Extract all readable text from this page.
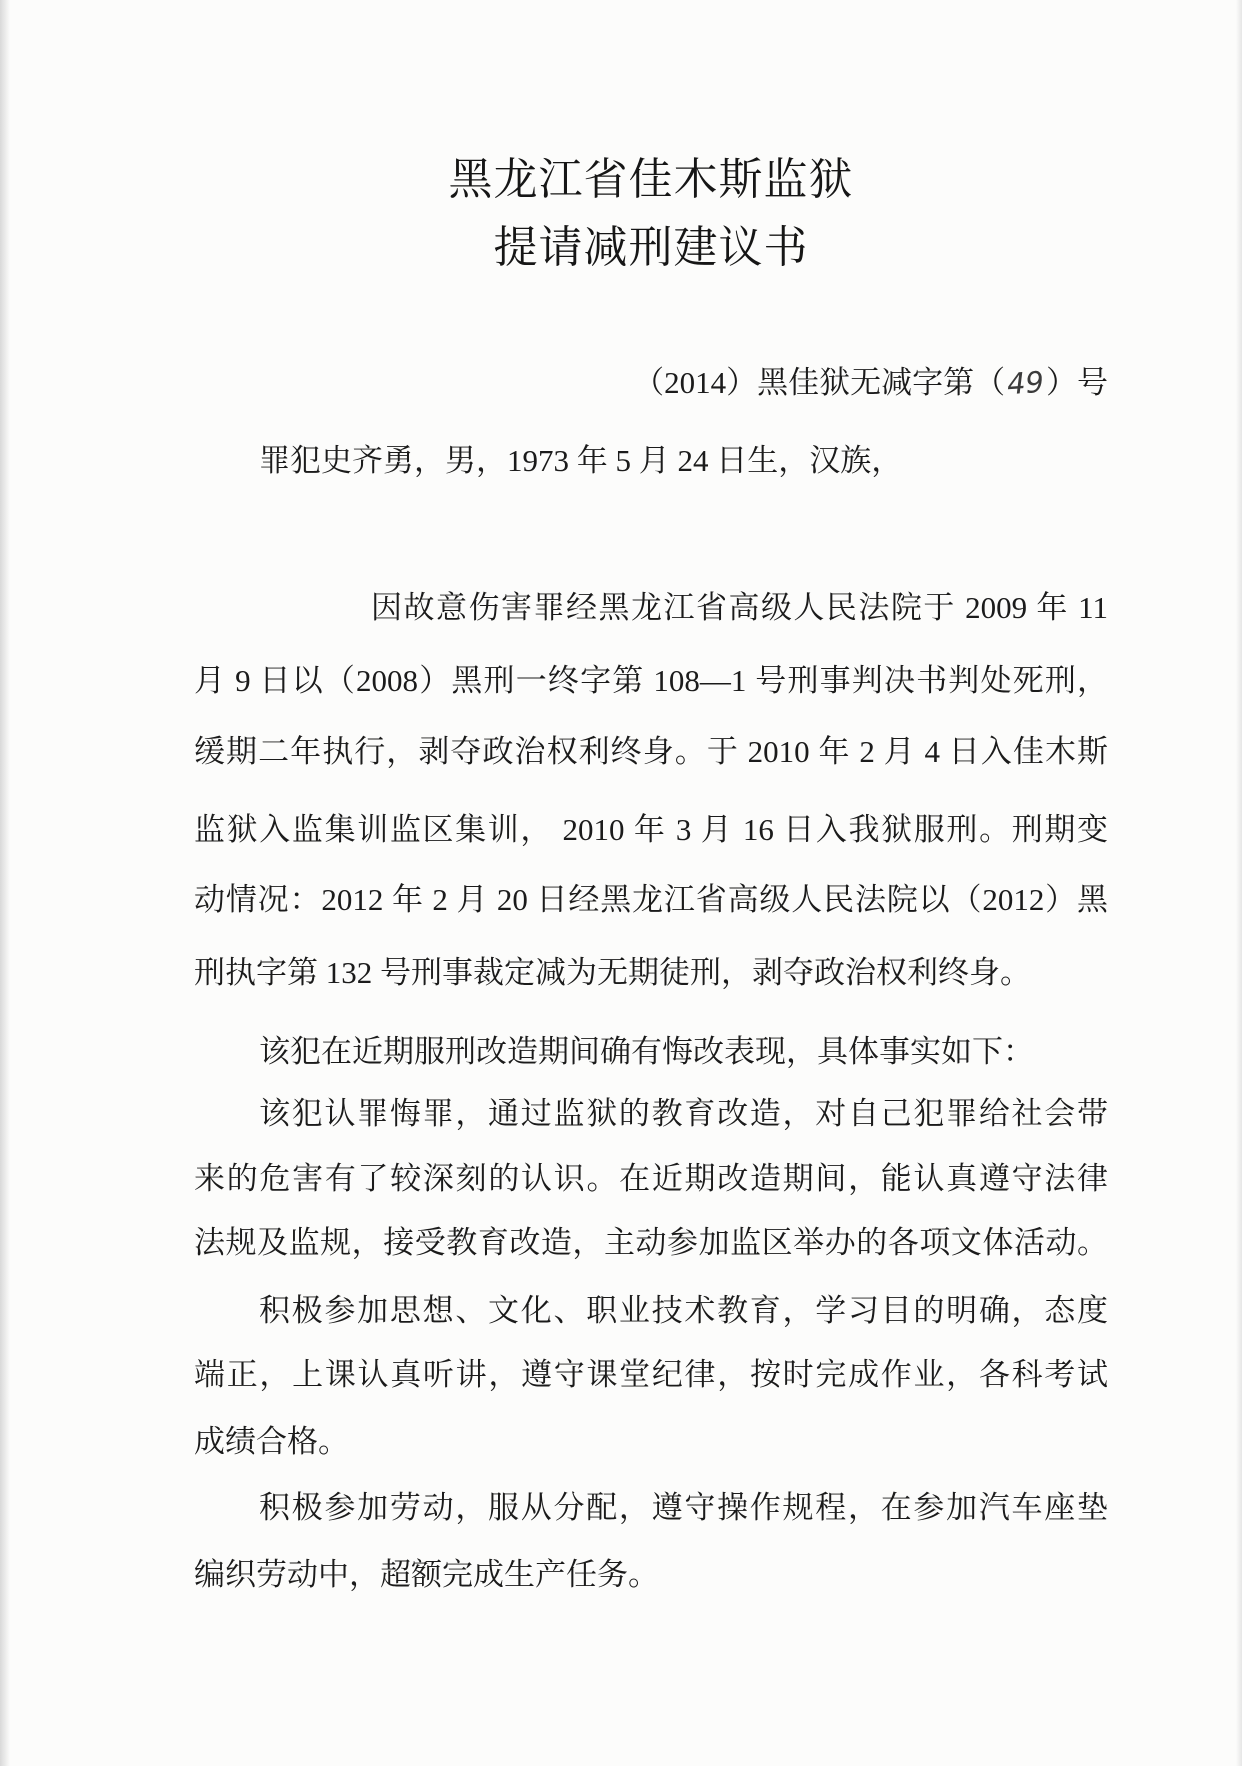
黑龙江省佳木斯监狱
提请减刑建议书
（2014）黑佳狱无减字第（49）号
罪犯史齐勇，男，1973 年 5 月 24 日生，汉族，
因故意伤害罪经黑龙江省高级人民法院于 2009 年 11
月 9 日以（2008）黑刑一终字第 108—1 号刑事判决书判处死刑，
缓期二年执行，剥夺政治权利终身。于 2010 年 2 月 4 日入佳木斯
监狱入监集训监区集训， 2010 年 3 月 16 日入我狱服刑。刑期变
动情况：2012 年 2 月 20 日经黑龙江省高级人民法院以（2012）黑
刑执字第 132 号刑事裁定减为无期徒刑，剥夺政治权利终身。
该犯在近期服刑改造期间确有悔改表现，具体事实如下：
该犯认罪悔罪，通过监狱的教育改造，对自己犯罪给社会带
来的危害有了较深刻的认识。在近期改造期间，能认真遵守法律
法规及监规，接受教育改造，主动参加监区举办的各项文体活动。
积极参加思想、文化、职业技术教育，学习目的明确，态度
端正，上课认真听讲，遵守课堂纪律，按时完成作业，各科考试
成绩合格。
积极参加劳动，服从分配，遵守操作规程，在参加汽车座垫
编织劳动中，超额完成生产任务。
